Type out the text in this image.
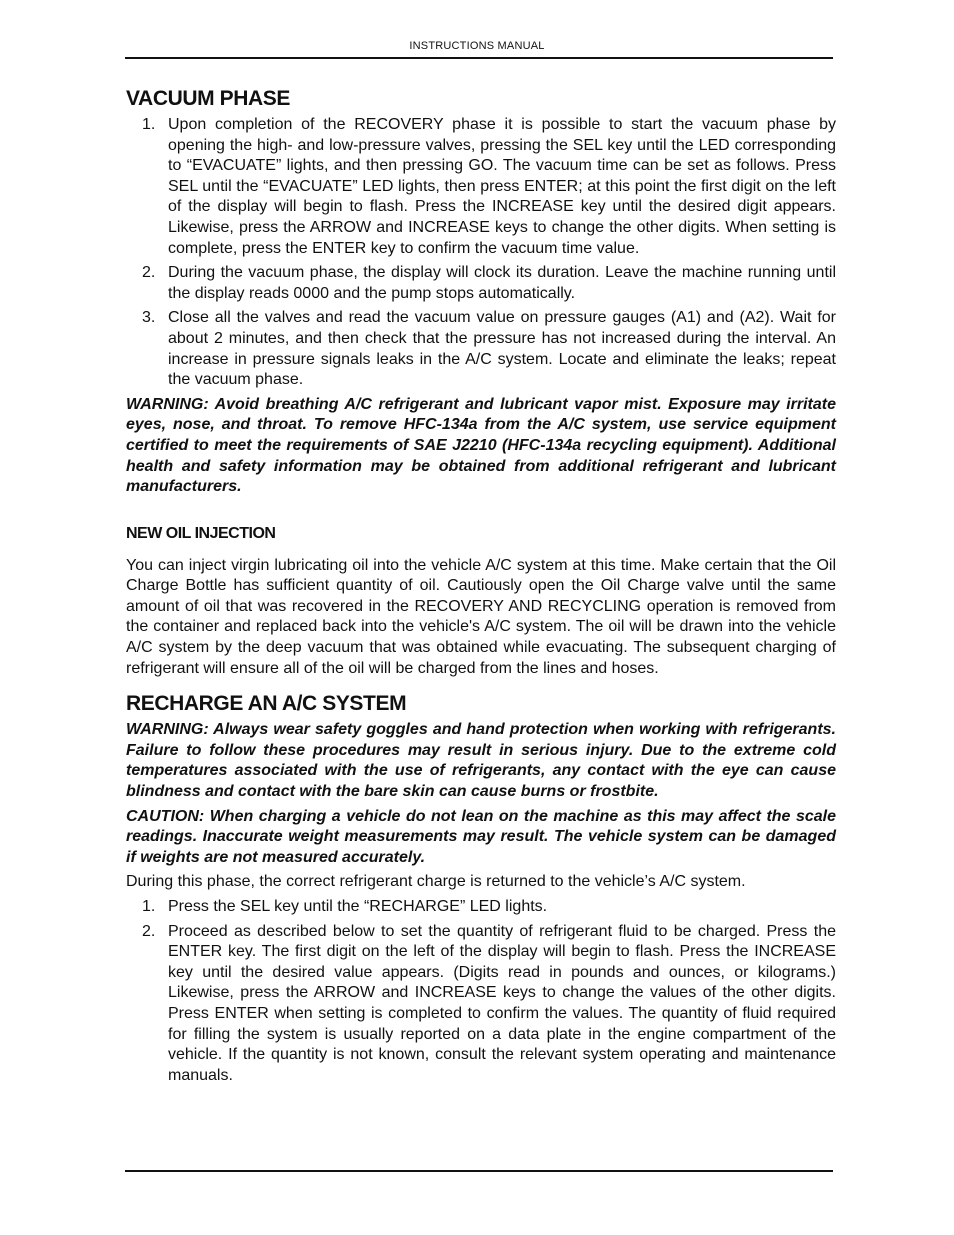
INSTRUCTIONS MANUAL
VACUUM PHASE
1. Upon completion of the RECOVERY phase it is possible to start the vacuum phase by opening the high- and low-pressure valves, pressing the SEL key until the LED corresponding to “EVACUATE” lights, and then pressing GO. The vacuum time can be set as follows. Press SEL until the “EVACUATE” LED lights, then press ENTER; at this point the first digit on the left of the display will begin to flash. Press the INCREASE key until the desired digit appears. Likewise, press the ARROW and INCREASE keys to change the other digits. When setting is complete, press the ENTER key to confirm the vacuum time value.
2. During the vacuum phase, the display will clock its duration. Leave the machine running until the display reads 0000 and the pump stops automatically.
3. Close all the valves and read the vacuum value on pressure gauges (A1) and (A2). Wait for about 2 minutes, and then check that the pressure has not increased during the interval. An increase in pressure signals leaks in the A/C system. Locate and eliminate the leaks; repeat the vacuum phase.

WARNING: Avoid breathing A/C refrigerant and lubricant vapor mist. Exposure may irritate eyes, nose, and throat. To remove HFC-134a from the A/C system, use service equipment certified to meet the requirements of SAE J2210 (HFC-134a recycling equipment). Additional health and safety information may be obtained from additional refrigerant and lubricant manufacturers.

NEW OIL INJECTION

You can inject virgin lubricating oil into the vehicle A/C system at this time. Make certain that the Oil Charge Bottle has sufficient quantity of oil. Cautiously open the Oil Charge valve until the same amount of oil that was recovered in the RECOVERY AND RECYCLING operation is removed from the container and replaced back into the vehicle's A/C system. The oil will be drawn into the vehicle A/C system by the deep vacuum that was obtained while evacuating. The subsequent charging of refrigerant will ensure all of the oil will be charged from the lines and hoses.

RECHARGE AN A/C SYSTEM

WARNING: Always wear safety goggles and hand protection when working with refrigerants. Failure to follow these procedures may result in serious injury. Due to the extreme cold temperatures associated with the use of refrigerants, any contact with the eye can cause blindness and contact with the bare skin can cause burns or frostbite.

CAUTION: When charging a vehicle do not lean on the machine as this may affect the scale readings. Inaccurate weight measurements may result. The vehicle system can be damaged if weights are not measured accurately.

During this phase, the correct refrigerant charge is returned to the vehicle’s A/C system.

1. Press the SEL key until the “RECHARGE” LED lights.
2. Proceed as described below to set the quantity of refrigerant fluid to be charged. Press the ENTER key. The first digit on the left of the display will begin to flash. Press the INCREASE key until the desired value appears. (Digits read in pounds and ounces, or kilograms.) Likewise, press the ARROW and INCREASE keys to change the values of the other digits. Press ENTER when setting is completed to confirm the values. The quantity of fluid required for filling the system is usually reported on a data plate in the engine compartment of the vehicle. If the quantity is not known, consult the relevant system operating and maintenance manuals.
